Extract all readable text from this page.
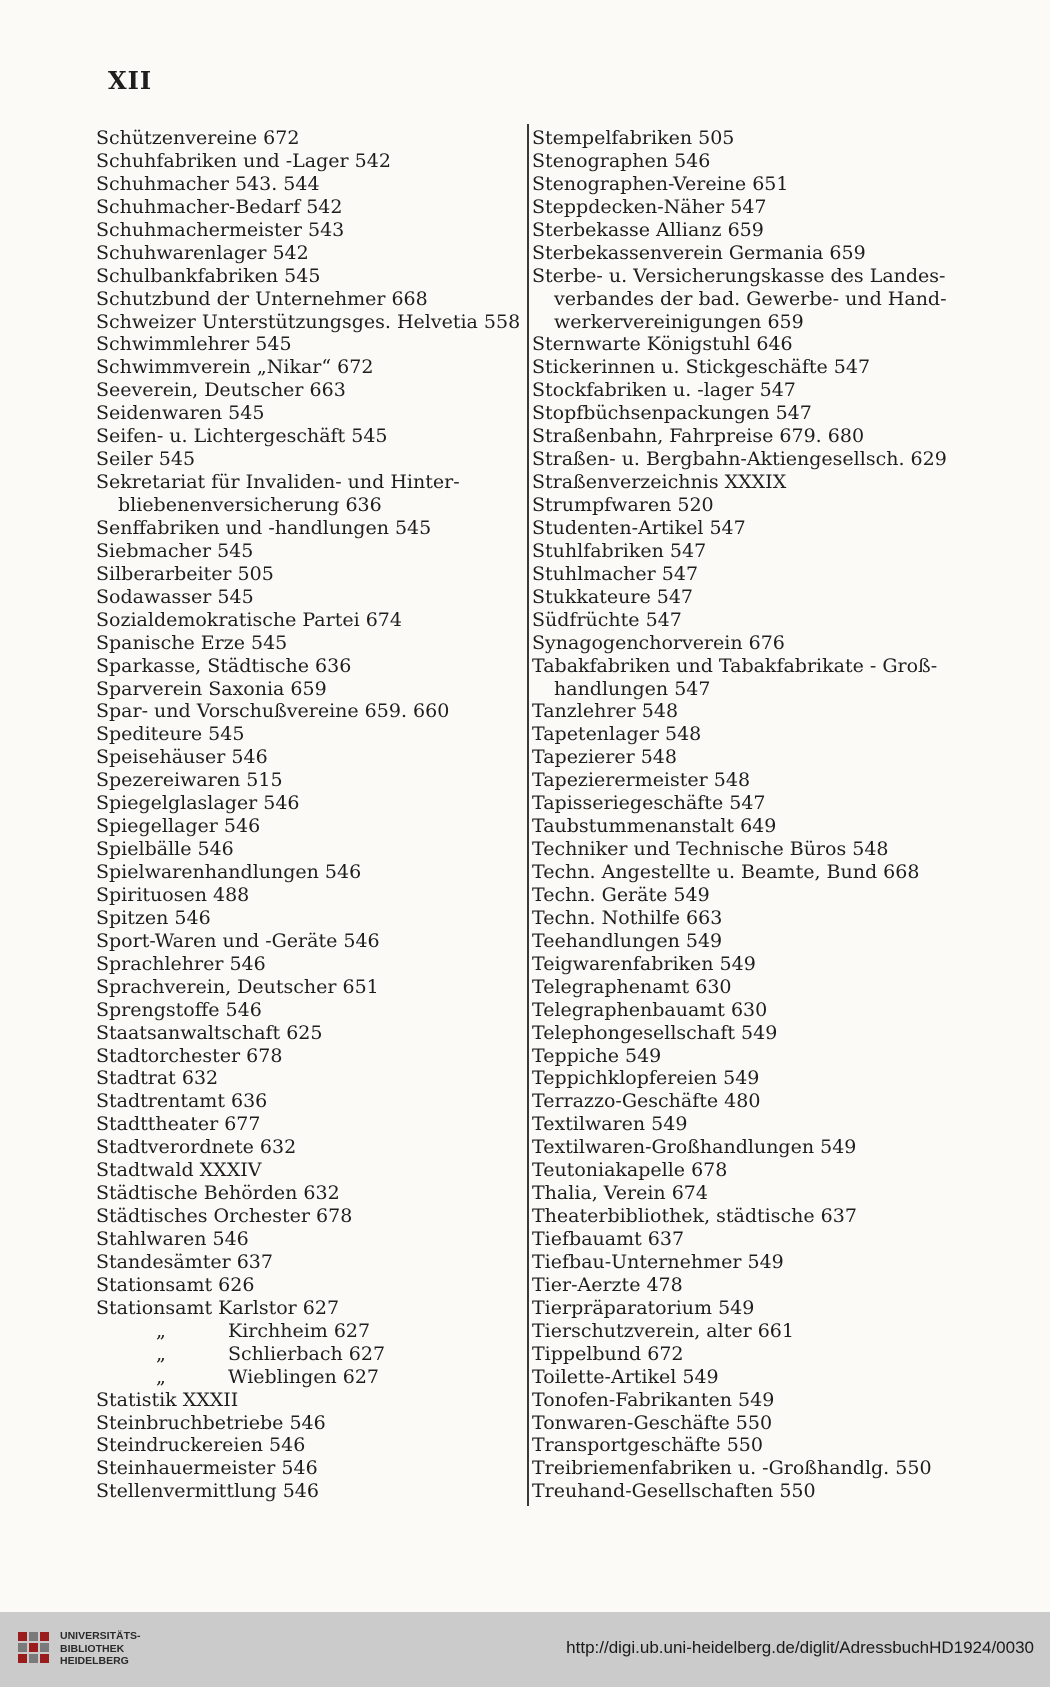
XII
Schützenvereine 672
Schuhfabriken und -Lager 542
Schuhmacher 543. 544
Schuhmacher-Bedarf 542
Schuhmachermeister 543
Schuhwarenlager 542
Schulbankfabriken 545
Schutzbund der Unternehmer 668
Schweizer Unterstützungsges. Helvetia 558
Schwimmlehrer 545
Schwimmverein „Nikar“ 672
Seeverein, Deutscher 663
Seidenwaren 545
Seifen- u. Lichtergeschäft 545
Seiler 545
Sekretariat für Invaliden- und Hinter-
bliebenenversicherung 636
Senffabriken und -handlungen 545
Siebmacher 545
Silberarbeiter 505
Sodawasser 545
Sozialdemokratische Partei 674
Spanische Erze 545
Sparkasse, Städtische 636
Sparverein Saxonia 659
Spar- und Vorschußvereine 659. 660
Spediteure 545
Speisehäuser 546
Spezereiwaren 515
Spiegelglaslager 546
Spiegellager 546
Spielbälle 546
Spielwarenhandlungen 546
Spirituosen 488
Spitzen 546
Sport-Waren und -Geräte 546
Sprachlehrer 546
Sprachverein, Deutscher 651
Sprengstoffe 546
Staatsanwaltschaft 625
Stadtorchester 678
Stadtrat 632
Stadtrentamt 636
Stadttheater 677
Stadtverordnete 632
Stadtwald XXXIV
Städtische Behörden 632
Städtisches Orchester 678
Stahlwaren 546
Standesämter 637
Stationsamt 626
Stationsamt Karlstor 627
„	Kirchheim 627
„	Schlierbach 627
„	Wieblingen 627
Statistik XXXII
Steinbruchbetriebe 546
Steindruckereien 546
Steinhauermeister 546
Stellenvermittlung 546
Stempelfabriken 505
Stenographen 546
Stenographen-Vereine 651
Steppdecken-Näher 547
Sterbekasse Allianz 659
Sterbekassenverein Germania 659
Sterbe- u. Versicherungskasse des Landes-
verbandes der bad. Gewerbe- und Hand-
werkervereinigungen 659
Sternwarte Königstuhl 646
Stickerinnen u. Stickgeschäfte 547
Stockfabriken u. -lager 547
Stopfbüchsenpackungen 547
Straßenbahn, Fahrpreise 679. 680
Straßen- u. Bergbahn-Aktiengesellsch. 629
Straßenverzeichnis XXXIX
Strumpfwaren 520
Studenten-Artikel 547
Stuhlfabriken 547
Stuhlmacher 547
Stukkateure 547
Südfrüchte 547
Synagogenchorverein 676
Tabakfabriken und Tabakfabrikate - Groß-
handlungen 547
Tanzlehrer 548
Tapetenlager 548
Tapezierer 548
Tapezierermeister 548
Tapisseriegeschäfte 547
Taubstummenanstalt 649
Techniker und Technische Büros 548
Techn. Angestellte u. Beamte, Bund 668
Techn. Geräte 549
Techn. Nothilfe 663
Teehandlungen 549
Teigwarenfabriken 549
Telegraphenamt 630
Telegraphenbauamt 630
Telephongesellschaft 549
Teppiche 549
Teppichklopfereien 549
Terrazzo-Geschäfte 480
Textilwaren 549
Textilwaren-Großhandlungen 549
Teutoniakapelle 678
Thalia, Verein 674
Theaterbibliothek, städtische 637
Tiefbauamt 637
Tiefbau-Unternehmer 549
Tier-Aerzte 478
Tierpräparatorium 549
Tierschutzverein, alter 661
Tippelbund 672
Toilette-Artikel 549
Tonofen-Fabrikanten 549
Tonwaren-Geschäfte 550
Transportgeschäfte 550
Treibriemenfabriken u. -Großhandlg. 550
Treuhand-Gesellschaften 550
UNIVERSITÄTS-
BIBLIOTHEK
HEIDELBERG
http://digi.ub.uni-heidelberg.de/diglit/AdressbuchHD1924/0030
